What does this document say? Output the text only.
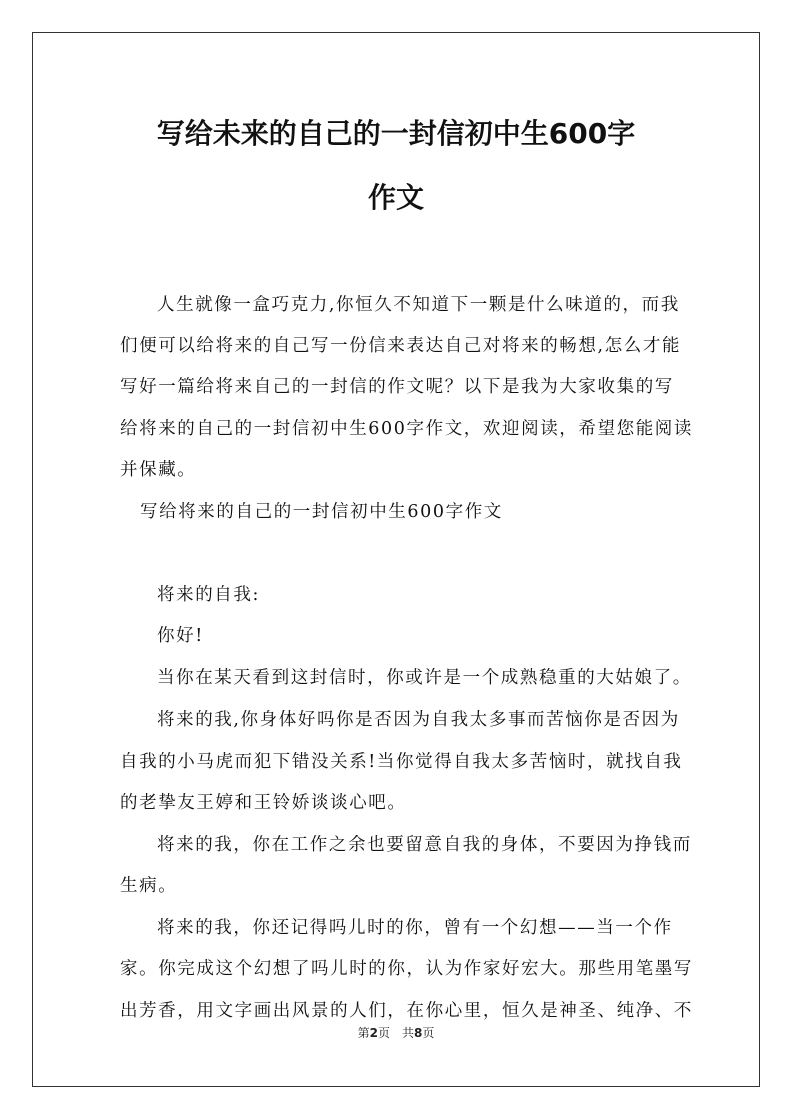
写给未来的自己的一封信初中生600字
作文
人生就像一盒巧克力,你恒久不知道下一颗是什么味道的，而我
们便可以给将来的自己写一份信来表达自己对将来的畅想,怎么才能
写好一篇给将来自己的一封信的作文呢？以下是我为大家收集的写
给将来的自己的一封信初中生600字作文，欢迎阅读，希望您能阅读
并保藏。
写给将来的自己的一封信初中生600字作文
将来的自我:
你好!
当你在某天看到这封信时，你或许是一个成熟稳重的大姑娘了。
将来的我,你身体好吗你是否因为自我太多事而苦恼你是否因为
自我的小马虎而犯下错没关系!当你觉得自我太多苦恼时，就找自我
的老挚友王婷和王铃娇谈谈心吧。
将来的我，你在工作之余也要留意自我的身体，不要因为挣钱而
生病。
将来的我，你还记得吗儿时的你，曾有一个幻想——当一个作
家。你完成这个幻想了吗儿时的你，认为作家好宏大。那些用笔墨写
出芳香，用文字画出风景的人们，在你心里，恒久是神圣、纯净、不
第2页　共8页
